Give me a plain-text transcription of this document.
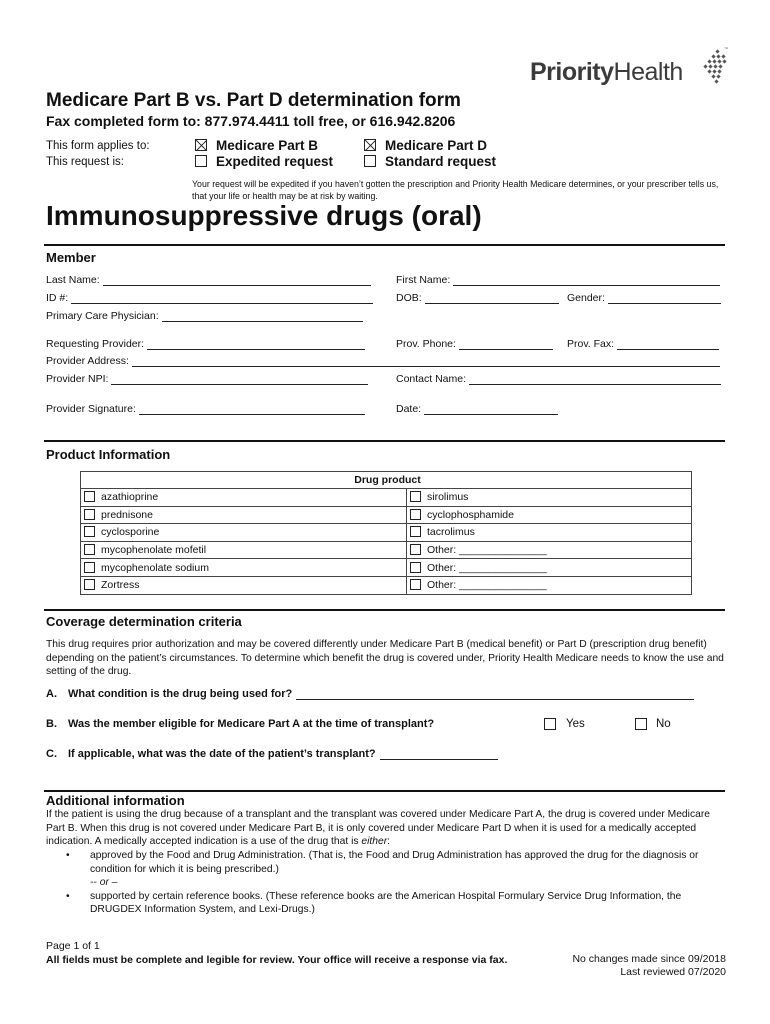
PriorityHealth
™
Medicare Part B vs. Part D determination form
Fax completed form to: 877.974.4411 toll free, or 616.942.8206
This form applies to:
This request is:
Medicare Part B	Medicare Part D
Expedited request	Standard request
Your request will be expedited if you haven’t gotten the prescription and Priority Health Medicare determines, or your prescriber tells us, that your life or health may be at risk by waiting.
Immunosuppressive drugs (oral)
Member
Last Name:	First Name:
ID #:	DOB:	Gender:
Primary Care Physician:
Requesting Provider:	Prov. Phone:	Prov. Fax:
Provider Address:
Provider NPI:	Contact Name:
Provider Signature:	Date:
Product Information
Drug product	
azathioprine	sirolimus
prednisone	cyclophosphamide
cyclosporine	tacrolimus
mycophenolate mofetil	Other: _______________
mycophenolate sodium	Other: _______________
Zortress	Other: _______________
Coverage determination criteria
This drug requires prior authorization and may be covered differently under Medicare Part B (medical benefit) or Part D (prescription drug benefit) depending on the patient’s circumstances. To determine which benefit the drug is covered under, Priority Health Medicare needs to know the use and setting of the drug.
A.	What condition is the drug being used for?
B.	Was the member eligible for Medicare Part A at the time of transplant?	Yes	No
C.	If applicable, what was the date of the patient’s transplant?
Additional information
If the patient is using the drug because of a transplant and the transplant was covered under Medicare Part A, the drug is covered under Medicare Part B. When this drug is not covered under Medicare Part B, it is only covered under Medicare Part D when it is used for a medically accepted indication. A medically accepted indication is a use of the drug that is either:
• approved by the Food and Drug Administration. (That is, the Food and Drug Administration has approved the drug for the diagnosis or condition for which it is being prescribed.)
-- or –
• supported by certain reference books. (These reference books are the American Hospital Formulary Service Drug Information, the DRUGDEX Information System, and Lexi-Drugs.)
Page 1 of 1
All fields must be complete and legible for review. Your office will receive a response via fax.	No changes made since 09/2018
Last reviewed 07/2020
